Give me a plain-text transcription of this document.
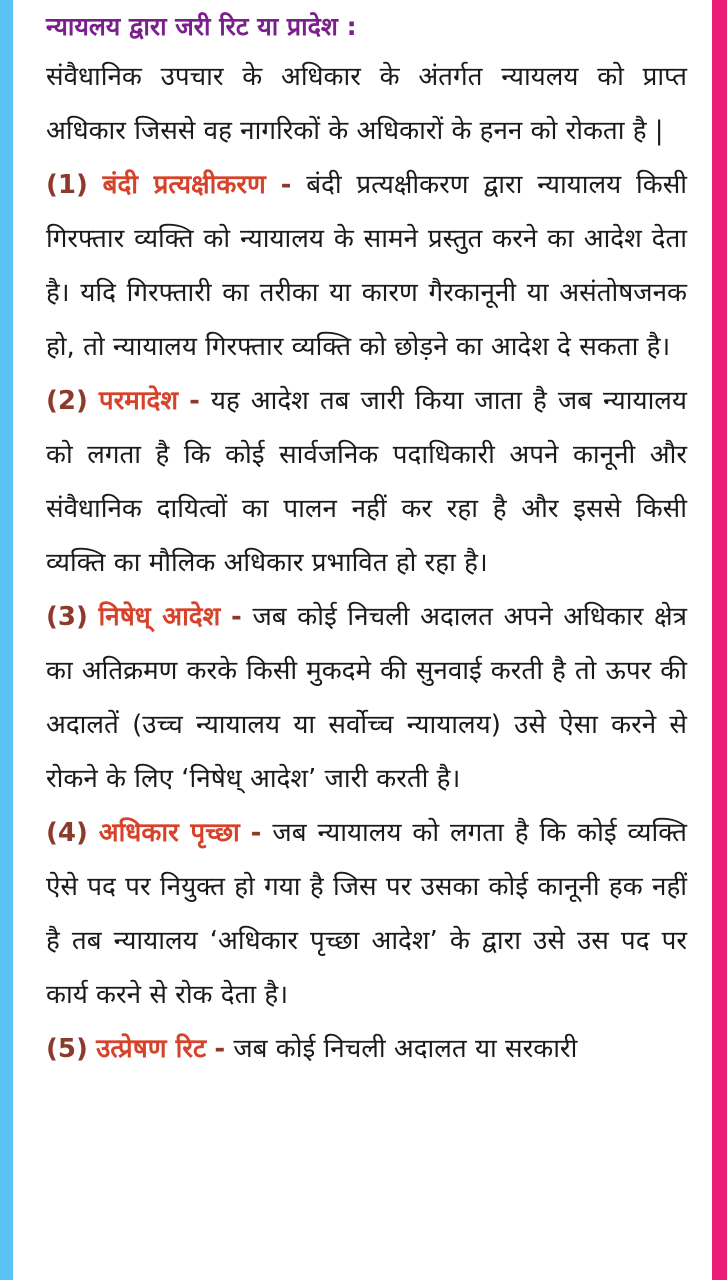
न्यायलय द्वारा जरी रिट या प्रादेश :
संवैधानिक उपचार के अधिकार के अंतर्गत न्यायलय को प्राप्त अधिकार जिससे वह नागरिकों के अधिकारों के हनन को रोकता है |
(1) बंदी प्रत्यक्षीकरण - बंदी प्रत्यक्षीकरण द्वारा न्यायालय किसी गिरफ्तार व्यक्ति को न्यायालय के सामने प्रस्तुत करने का आदेश देता है। यदि गिरफ्तारी का तरीका या कारण गैरकानूनी या असंतोषजनक हो, तो न्यायालय गिरफ्तार व्यक्ति को छोड़ने का आदेश दे सकता है।
(2) परमादेश - यह आदेश तब जारी किया जाता है जब न्यायालय को लगता है कि कोई सार्वजनिक पदाधिकारी अपने कानूनी और संवैधानिक दायित्वों का पालन नहीं कर रहा है और इससे किसी व्यक्ति का मौलिक अधिकार प्रभावित हो रहा है।
(3) निषेध् आदेश - जब कोई निचली अदालत अपने अधिकार क्षेत्र का अतिक्रमण करके किसी मुकदमे की सुनवाई करती है तो ऊपर की अदालतें (उच्च न्यायालय या सर्वोच्च न्यायालय) उसे ऐसा करने से रोकने के लिए ‘निषेध् आदेश’ जारी करती है।
(4) अधिकार पृच्छा - जब न्यायालय को लगता है कि कोई व्यक्ति ऐसे पद पर नियुक्त हो गया है जिस पर उसका कोई कानूनी हक नहीं है तब न्यायालय ‘अधिकार पृच्छा आदेश’ के द्वारा उसे उस पद पर कार्य करने से रोक देता है।
(5) उत्प्रेषण रिट - जब कोई निचली अदालत या सरकारी
